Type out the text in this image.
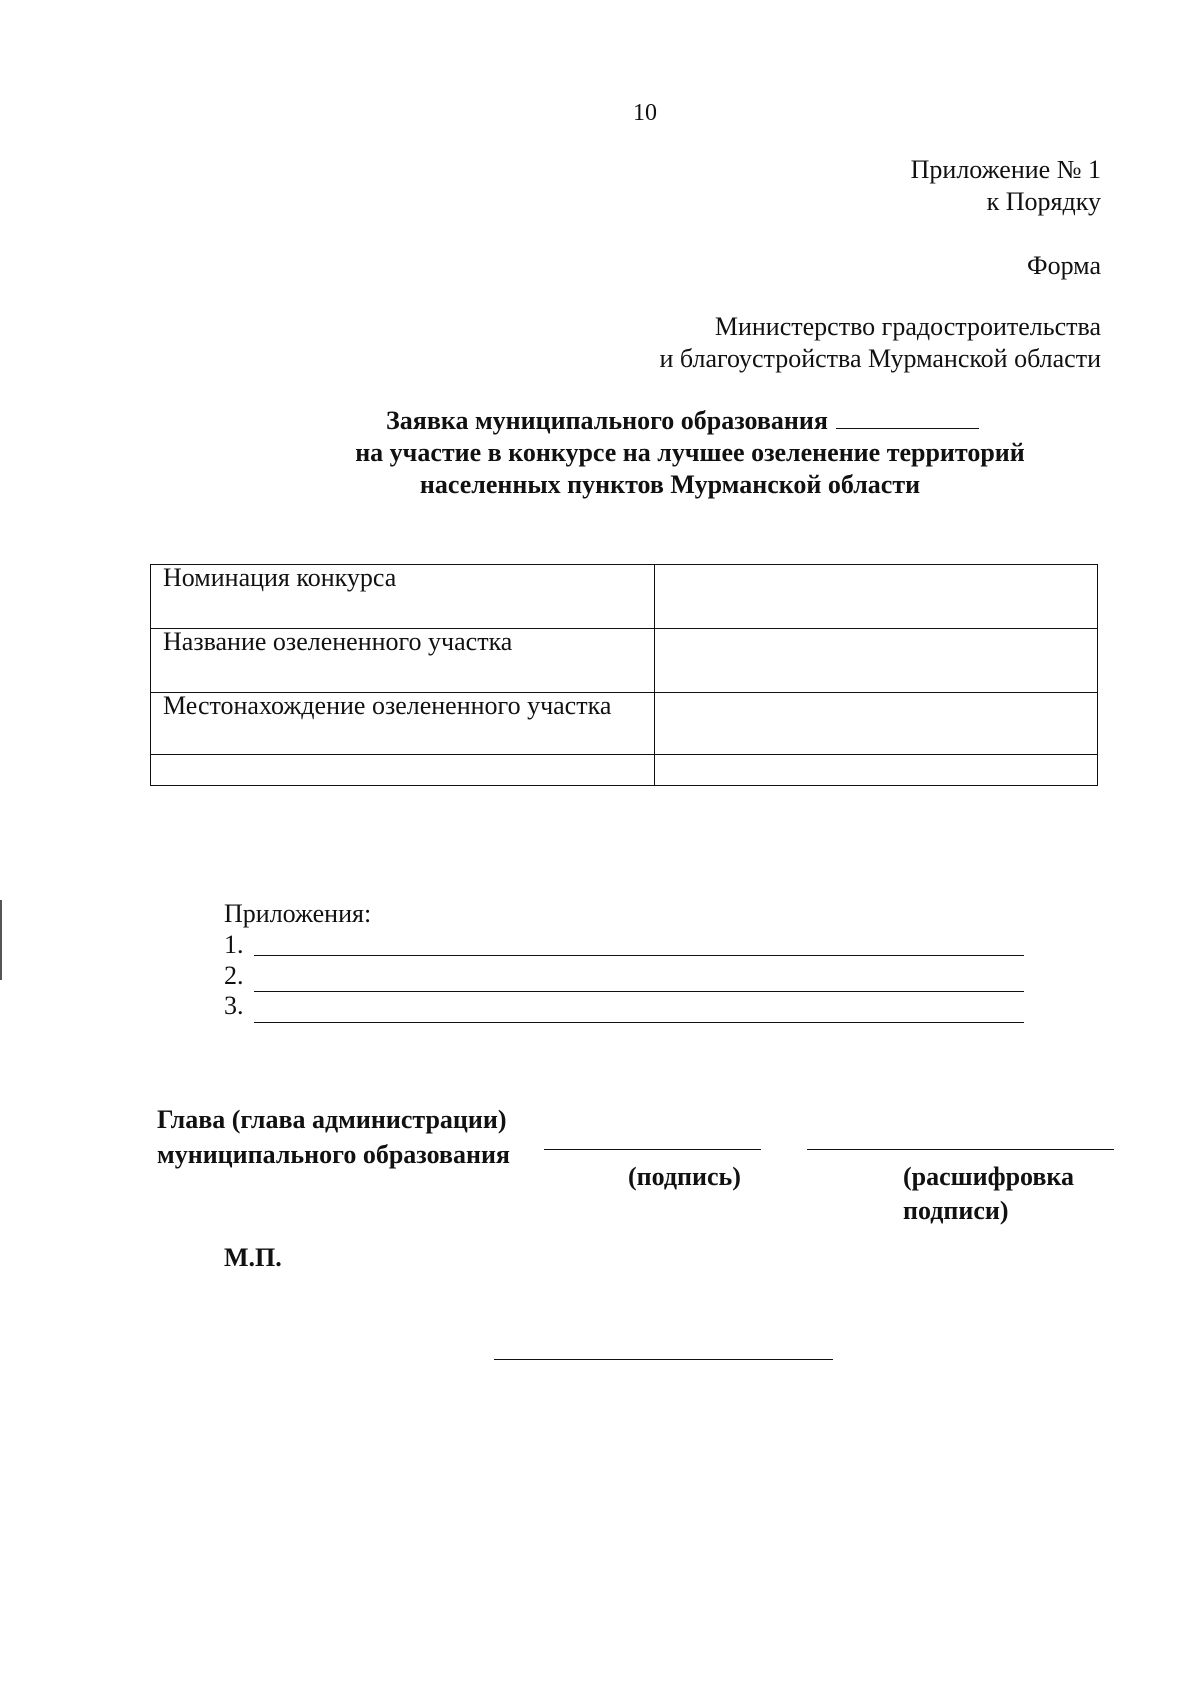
10
Приложение № 1
к Порядку
Форма
Министерство градостроительства
и благоустройства Мурманской области
Заявка муниципального образования
на участие в конкурсе на лучшее озеленение территорий
населенных пунктов Мурманской области
Номинация конкурса	

Название озелененного участка	

Местонахождение озелененного участка	

Приложения:
1.
2.
3.
Глава (глава администрации)
муниципального образования
(подпись)	(расшифровка
подписи)
М.П.
